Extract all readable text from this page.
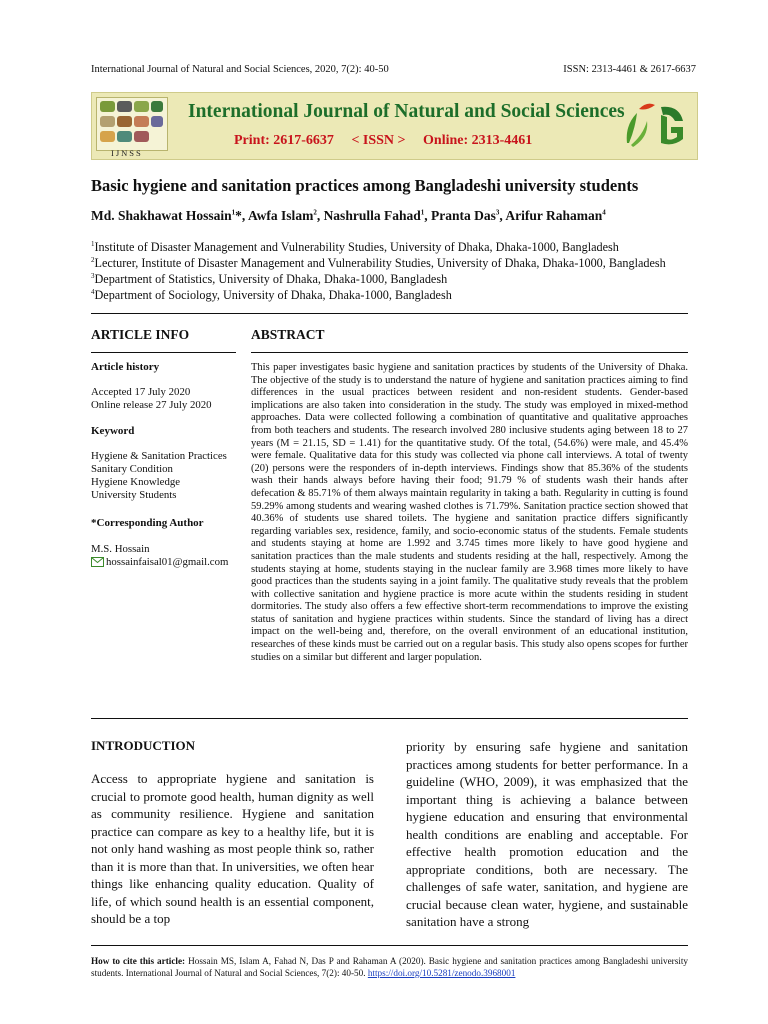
International Journal of Natural and Social Sciences, 2020, 7(2): 40-50	ISSN: 2313-4461 & 2617-6637
IJNSS
International Journal of Natural and Social Sciences
Print: 2617-6637 < ISSN > Online: 2313-4461
Basic hygiene and sanitation practices among Bangladeshi university students
Md. Shakhawat Hossain$^1$*, Awfa Islam$^2$, Nashrulla Fahad$^1$, Pranta Das$^3$, Arifur Rahaman$^4$
$^1$Institute of Disaster Management and Vulnerability Studies, University of Dhaka, Dhaka-1000, Bangladesh
$^2$Lecturer, Institute of Disaster Management and Vulnerability Studies, University of Dhaka, Dhaka-1000, Bangladesh
$^3$Department of Statistics, University of Dhaka, Dhaka-1000, Bangladesh
$^4$Department of Sociology, University of Dhaka, Dhaka-1000, Bangladesh
ARTICLE INFO	ABSTRACT
Article history
Accepted 17 July 2020
Online release 27 July 2020
Keyword
Hygiene & Sanitation Practices
Sanitary Condition
Hygiene Knowledge
University Students
*Corresponding Author
M.S. Hossain
hossainfaisal01@gmail.com
This paper investigates basic hygiene and sanitation practices by students of the University of Dhaka. The objective of the study is to understand the nature of hygiene and sanitation practices aiming to find differences in the usual practices between resident and non-resident students. Gender-based implications are also taken into consideration in the study. The study was employed in mixed-method approaches. Data were collected following a combination of quantitative and qualitative approaches from both teachers and students. The research involved 280 inclusive students aging between 18 to 27 years (M = 21.15, SD = 1.41) for the quantitative study. Of the total, (54.6%) were male, and 45.4% were female. Qualitative data for this study was collected via phone call interviews. A total of twenty (20) persons were the responders of in-depth interviews. Findings show that 85.36% of the students wash their hands always before having their food; 91.79 % of students wash their hands after defecation & 85.71% of them always maintain regularity in taking a bath. Regularity in cutting is found 59.29% among students and wearing washed clothes is 71.79%. Sanitation practice section showed that 40.36% of students use shared toilets. The hygiene and sanitation practice differs significantly regarding variables sex, residence, family, and socio-economic status of the students. Female students and students staying at home are 1.992 and 3.745 times more likely to have good hygiene and sanitation practices than the male students and students residing at the hall, respectively. Among the students staying at home, students staying in the nuclear family are 3.968 times more likely to have good practices than the students saying in a joint family. The qualitative study reveals that the problem with collective sanitation and hygiene practice is more acute within the students residing in student dormitories. The study also offers a few effective short-term recommendations to improve the existing status of sanitation and hygiene practices within students. Since the standard of living has a direct impact on the well-being and, therefore, on the overall environment of an educational institution, researches of these kinds must be carried out on a regular basis. This study also opens scopes for further studies on a similar but different and larger population.
INTRODUCTION
Access to appropriate hygiene and sanitation is crucial to promote good health, human dignity as well as community resilience. Hygiene and sanitation practice can compare as key to a healthy life, but it is not only hand washing as most people think so, rather than it is more than that. In universities, we often hear things like enhancing quality education. Quality of life, of which sound health is an essential component, should be a top
priority by ensuring safe hygiene and sanitation practices among students for better performance. In a guideline (WHO, 2009), it was emphasized that the important thing is achieving a balance between hygiene education and ensuring that environmental health conditions are enabling and acceptable. For effective health promotion education and the appropriate conditions, both are necessary. The challenges of safe water, sanitation, and hygiene are crucial because clean water, hygiene, and sustainable sanitation have a strong
How to cite this article: Hossain MS, Islam A, Fahad N, Das P and Rahaman A (2020). Basic hygiene and sanitation practices among Bangladeshi university students. International Journal of Natural and Social Sciences, 7(2): 40-50. https://doi.org/10.5281/zenodo.3968001
